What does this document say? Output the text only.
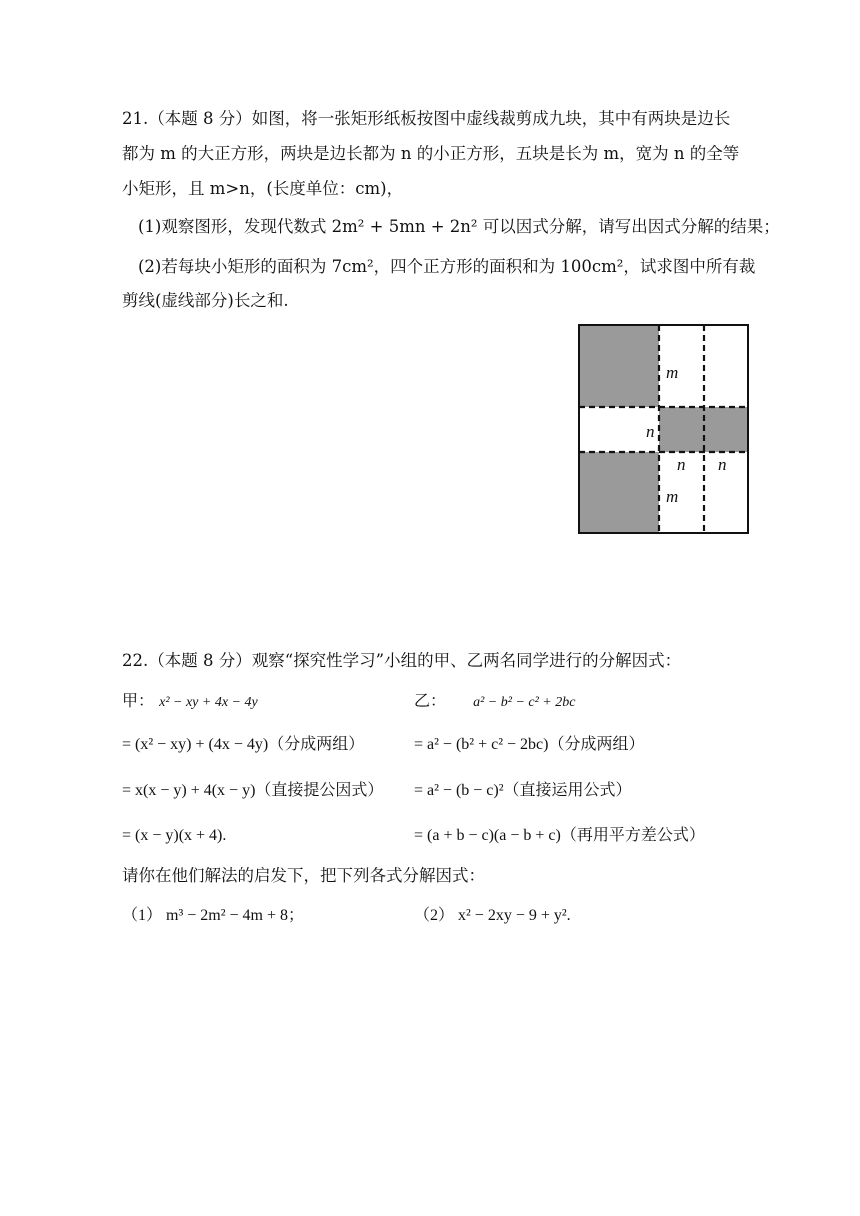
21.（本题 8 分）如图，将一张矩形纸板按图中虚线裁剪成九块，其中有两块是边长
都为 m 的大正方形，两块是边长都为 n 的小正方形，五块是长为 m，宽为 n 的全等
小矩形，且 m>n，(长度单位：cm)，
(1)观察图形，发现代数式 2m² + 5mn + 2n² 可以因式分解，请写出因式分解的结果；
(2)若每块小矩形的面积为 7cm²，四个正方形的面积和为 100cm²，试求图中所有裁
剪线(虚线部分)长之和.
m
n
n n
m
22.（本题 8 分）观察“探究性学习”小组的甲、乙两名同学进行的分解因式：
甲： x² − xy + 4x − 4y	乙： a² − b² − c² + 2bc
= (x² − xy) + (4x − 4y)（分成两组）	= a² − (b² + c² − 2bc)（分成两组）
= x(x − y) + 4(x − y)（直接提公因式） = a² − (b − c)²（直接运用公式）
= (x − y)(x + 4).	= (a + b − c)(a − b + c)（再用平方差公式）
请你在他们解法的启发下，把下列各式分解因式：
（1） m³ − 2m² − 4m + 8；	（2） x² − 2xy − 9 + y².
